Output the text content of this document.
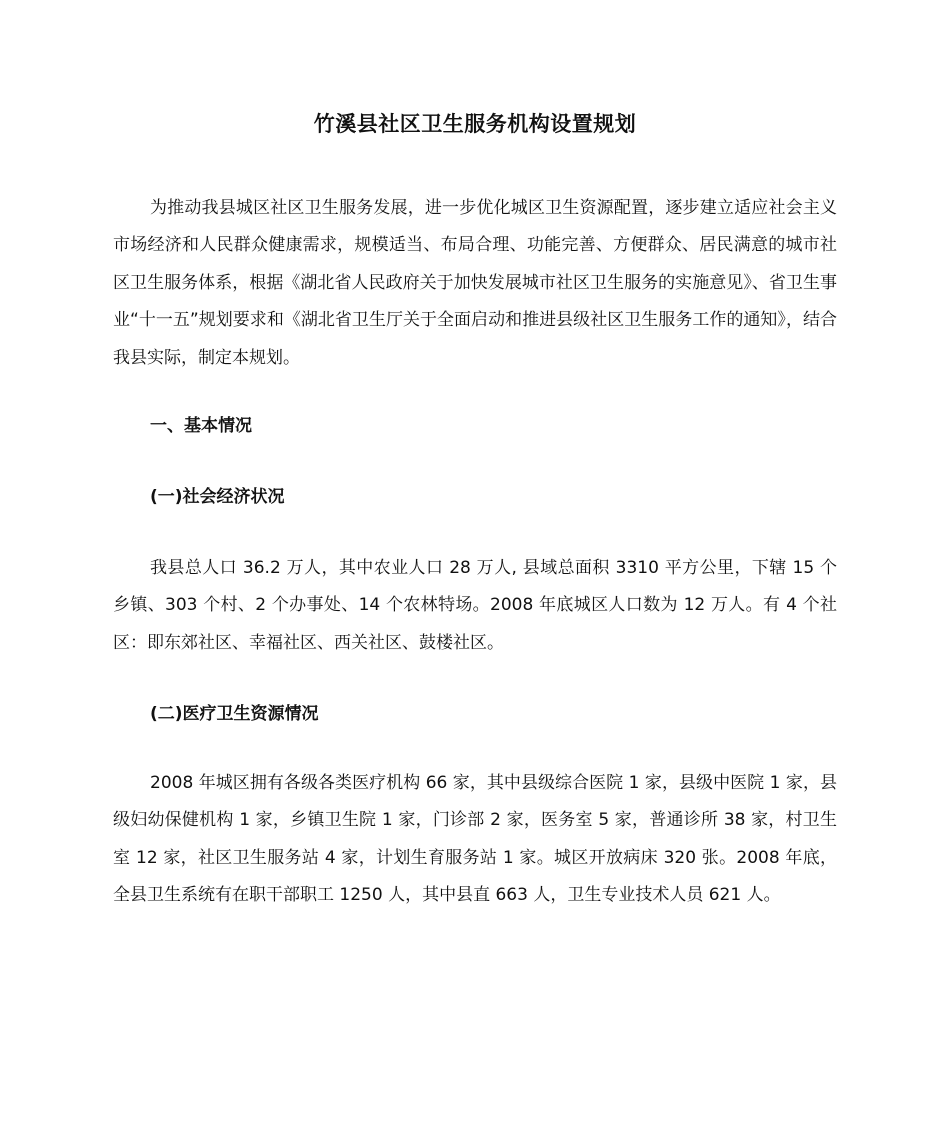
竹溪县社区卫生服务机构设置规划

为推动我县城区社区卫生服务发展，进一步优化城区卫生资源配置，逐步建立适应社会主义市场经济和人民群众健康需求，规模适当、布局合理、功能完善、方便群众、居民满意的城市社区卫生服务体系，根据《湖北省人民政府关于加快发展城市社区卫生服务的实施意见》、省卫生事业“十一五”规划要求和《湖北省卫生厅关于全面启动和推进县级社区卫生服务工作的通知》，结合我县实际，制定本规划。

一、基本情况
(一)社会经济状况

我县总人口 36.2 万人，其中农业人口 28 万人, 县域总面积 3310 平方公里，下辖 15 个乡镇、303 个村、2 个办事处、14 个农林特场。2008 年底城区人口数为 12 万人。有 4 个社区：即东郊社区、幸福社区、西关社区、鼓楼社区。

(二)医疗卫生资源情况

2008 年城区拥有各级各类医疗机构 66 家，其中县级综合医院 1 家，县级中医院 1 家，县级妇幼保健机构 1 家，乡镇卫生院 1 家，门诊部 2 家，医务室 5 家，普通诊所 38 家，村卫生室 12 家，社区卫生服务站 4 家，计划生育服务站 1 家。城区开放病床 320 张。2008 年底，全县卫生系统有在职干部职工 1250 人，其中县直 663 人，卫生专业技术人员 621 人。
